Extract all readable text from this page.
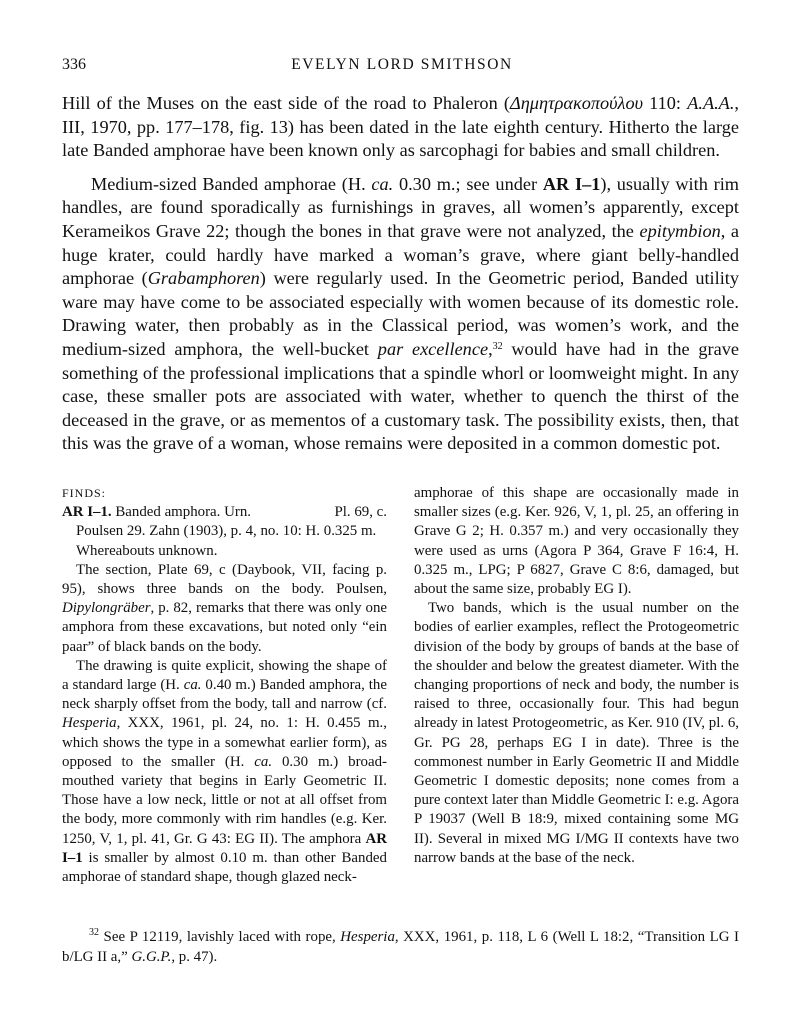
336	EVELYN LORD SMITHSON

Hill of the Muses on the east side of the road to Phaleron (Δημητρακοπούλου 110: A.A.A., III, 1970, pp. 177–178, fig. 13) has been dated in the late eighth century. Hitherto the large late Banded amphorae have been known only as sarcophagi for babies and small children.

Medium-sized Banded amphorae (H. ca. 0.30 m.; see under AR I–1), usually with rim handles, are found sporadically as furnishings in graves, all women’s apparently, except Kerameikos Grave 22; though the bones in that grave were not analyzed, the epitymbion, a huge krater, could hardly have marked a woman’s grave, where giant belly-handled amphorae (Grabamphoren) were regularly used. In the Geometric period, Banded utility ware may have come to be associated especially with women because of its domestic role. Drawing water, then probably as in the Classical period, was women’s work, and the medium-sized amphora, the well-bucket par excellence,$^{32}$ would have had in the grave something of the professional implications that a spindle whorl or loomweight might. In any case, these smaller pots are associated with water, whether to quench the thirst of the deceased in the grave, or as mementos of a customary task. The possibility exists, then, that this was the grave of a woman, whose remains were deposited in a common domestic pot.

FINDS:
AR I–1. Banded amphora. Urn.	Pl. 69, c.

Poulsen 29. Zahn (1903), p. 4, no. 10: H. 0.325 m.

Whereabouts unknown.

The section, Plate 69, c (Daybook, VII, facing p. 95), shows three bands on the body. Poulsen, Dipylongräber, p. 82, remarks that there was only one amphora from these excavations, but noted only “ein paar” of black bands on the body.

The drawing is quite explicit, showing the shape of a standard large (H. ca. 0.40 m.) Banded amphora, the neck sharply offset from the body, tall and narrow (cf. Hesperia, XXX, 1961, pl. 24, no. 1: H. 0.455 m., which shows the type in a somewhat earlier form), as opposed to the smaller (H. ca. 0.30 m.) broad-mouthed variety that begins in Early Geometric II. Those have a low neck, little or not at all offset from the body, more commonly with rim handles (e.g. Ker. 1250, V, 1, pl. 41, Gr. G 43: EG II). The amphora AR I–1 is smaller by almost 0.10 m. than other Banded amphorae of standard shape, though glazed neck-

amphorae of this shape are occasionally made in smaller sizes (e.g. Ker. 926, V, 1, pl. 25, an offering in Grave G 2; H. 0.357 m.) and very occasionally they were used as urns (Agora P 364, Grave F 16:4, H. 0.325 m., LPG; P 6827, Grave C 8:6, damaged, but about the same size, probably EG I).

Two bands, which is the usual number on the bodies of earlier examples, reflect the Protogeometric division of the body by groups of bands at the base of the shoulder and below the greatest diameter. With the changing proportions of neck and body, the number is raised to three, occasionally four. This had begun already in latest Protogeometric, as Ker. 910 (IV, pl. 6, Gr. PG 28, perhaps EG I in date). Three is the commonest number in Early Geometric II and Middle Geometric I domestic deposits; none comes from a pure context later than Middle Geometric I: e.g. Agora P 19037 (Well B 18:9, mixed containing some MG II). Several in mixed MG I/MG II contexts have two narrow bands at the base of the neck.

$^{32}$ See P 12119, lavishly laced with rope, Hesperia, XXX, 1961, p. 118, L 6 (Well L 18:2, “Transition LG I b/LG II a,” G.G.P., p. 47).
